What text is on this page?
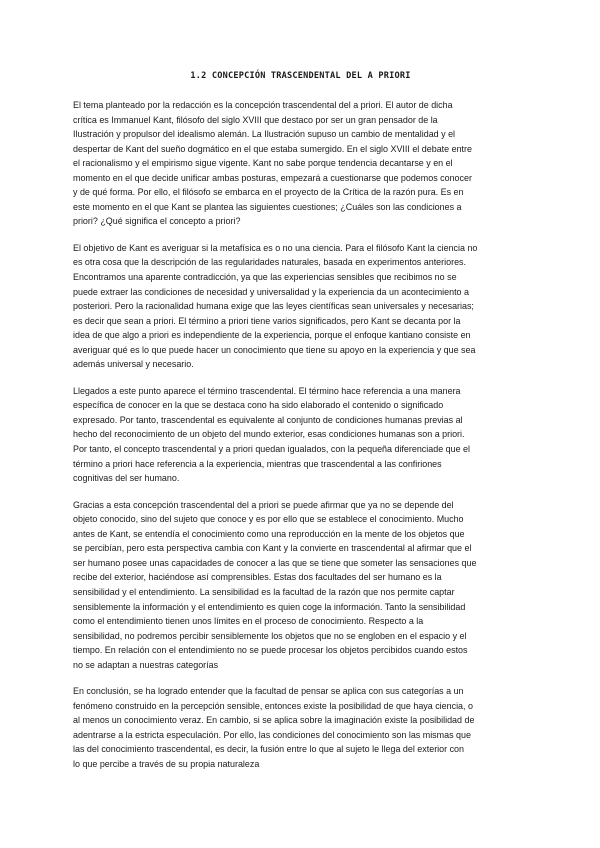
1.2 CONCEPCIÓN TRASCENDENTAL DEL A PRIORI

El tema planteado por la redacción es la concepción trascendental del a priori. El autor de dicha
crítica es Immanuel Kant, filósofo del siglo XVIII que destaco por ser un gran pensador de la
Ilustración y propulsor del idealismo alemán. La Ilustración supuso un cambio de mentalidad y el
despertar de Kant del sueño dogmático en el que estaba sumergido. En el siglo XVIII el debate entre
el racionalismo y el empirismo sigue vigente. Kant no sabe porque tendencia decantarse y en el
momento en el que decide unificar ambas posturas, empezará a cuestionarse que podemos conocer
y de qué forma. Por ello, el filósofo se embarca en el proyecto de la Crítica de la razón pura. Es en
este momento en el que Kant se plantea las siguientes cuestiones; ¿Cuáles son las condiciones a
priori? ¿Qué significa el concepto a priori?

El objetivo de Kant es averiguar si la metafísica es o no una ciencia. Para el filósofo Kant la ciencia no
es otra cosa que la descripción de las regularidades naturales, basada en experimentos anteriores.
Encontramos una aparente contradicción, ya que las experiencias sensibles que recibimos no se
puede extraer las condiciones de necesidad y universalidad y la experiencia da un acontecimiento a
posteriori. Pero la racionalidad humana exige que las leyes científicas sean universales y necesarias;
es decir que sean a priori. El término a priori tiene varios significados, pero Kant se decanta por la
idea de que algo a priori es independiente de la experiencia, porque el enfoque kantiano consiste en
averiguar qué es lo que puede hacer un conocimiento que tiene su apoyo en la experiencia y que sea
además universal y necesario.

Llegados a este punto aparece el término trascendental. El término hace referencia a una manera
específica de conocer en la que se destaca cono ha sido elaborado el contenido o significado
expresado. Por tanto, trascendental es equivalente al conjunto de condiciones humanas previas al
hecho del reconocimiento de un objeto del mundo exterior, esas condiciones humanas son a priori.
Por tanto, el concepto trascendental y a priori quedan igualados, con la pequeña diferenciade que el
término a priori hace referencia a la experiencia, mientras que trascendental a las confiriones
cognitivas del ser humano.

Gracias a esta concepción trascendental del a priori se puede afirmar que ya no se depende del
objeto conocido, sino del sujeto que conoce y es por ello que se establece el conocimiento. Mucho
antes de Kant, se entendía el conocimiento como una reproducción en la mente de los objetos que
se percibían, pero esta perspectiva cambia con Kant y la convierte en trascendental al afirmar que el
ser humano posee unas capacidades de conocer a las que se tiene que someter las sensaciones que
recibe del exterior, haciéndose así comprensibles. Estas dos facultades del ser humano es la
sensibilidad y el entendimiento. La sensibilidad es la facultad de la razón que nos permite captar
sensiblemente la información y el entendimiento es quien coge la información. Tanto la sensibilidad
como el entendimiento tienen unos límites en el proceso de conocimiento. Respecto a la
sensibilidad, no podremos percibir sensiblemente los objetos que no se engloben en el espacio y el
tiempo. En relación con el entendimiento no se puede procesar los objetos percibidos cuando estos
no se adaptan a nuestras categorías

En conclusión, se ha logrado entender que la facultad de pensar se aplica con sus categorías a un
fenómeno construido en la percepción sensible, entonces existe la posibilidad de que haya ciencia, o
al menos un conocimiento veraz. En cambio, si se aplica sobre la imaginación existe la posibilidad de
adentrarse a la estricta especulación. Por ello, las condiciones del conocimiento son las mismas que
las del conocimiento trascendental, es decir, la fusión entre lo que al sujeto le llega del exterior con
lo que percibe a través de su propia naturaleza
